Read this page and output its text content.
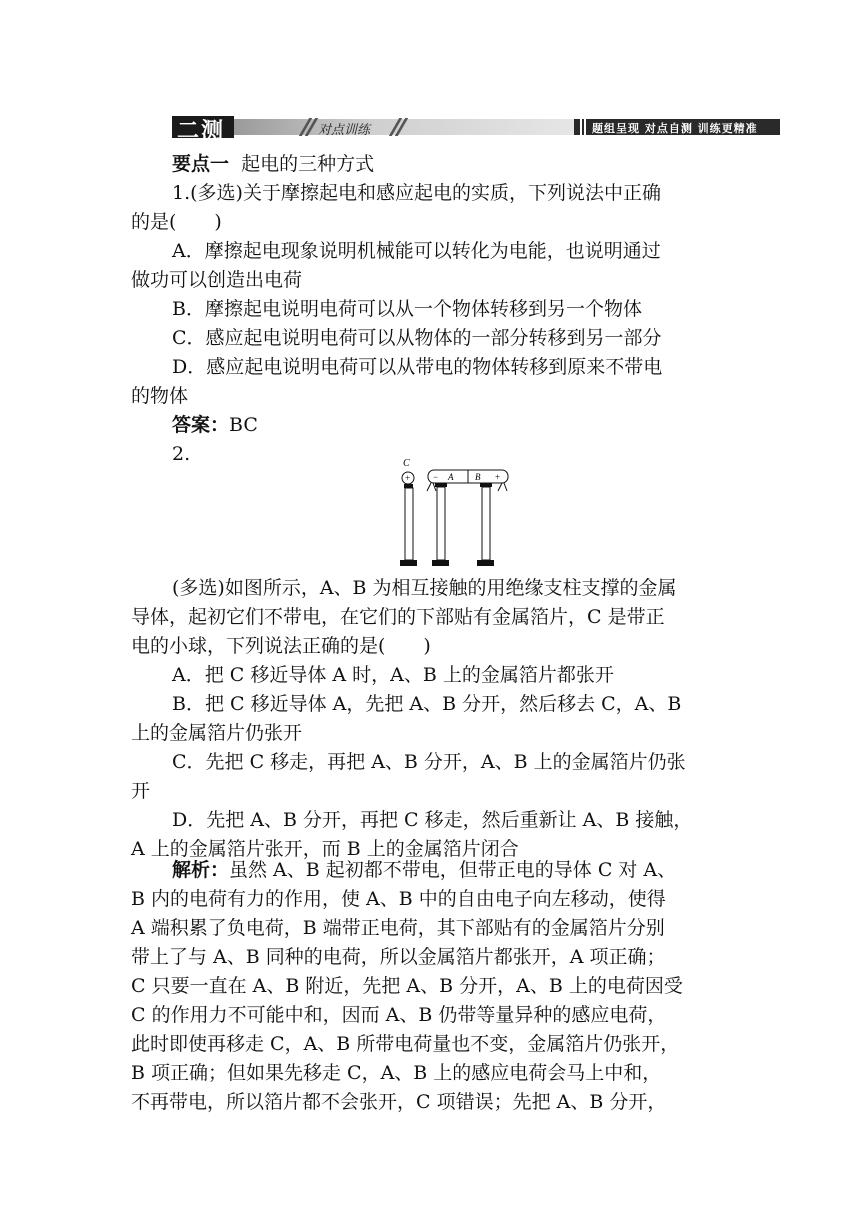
二测	对点训练	题组呈现 对点自测 训练更精准
要点一 起电的三种方式
1.(多选)关于摩擦起电和感应起电的实质，下列说法中正确
的是(　　)
A．摩擦起电现象说明机械能可以转化为电能，也说明通过
做功可以创造出电荷
B．摩擦起电说明电荷可以从一个物体转移到另一个物体
C．感应起电说明电荷可以从物体的一部分转移到另一部分
D．感应起电说明电荷可以从带电的物体转移到原来不带电
的物体
答案：BC
2.	C
+	− A B +
(多选)如图所示，A、B 为相互接触的用绝缘支柱支撑的金属
导体，起初它们不带电，在它们的下部贴有金属箔片，C 是带正
电的小球，下列说法正确的是(　　)
A．把 C 移近导体 A 时，A、B 上的金属箔片都张开
B．把 C 移近导体 A，先把 A、B 分开，然后移去 C，A、B
上的金属箔片仍张开
C．先把 C 移走，再把 A、B 分开，A、B 上的金属箔片仍张
开
D．先把 A、B 分开，再把 C 移走，然后重新让 A、B 接触，
A 上的金属箔片张开，而 B 上的金属箔片闭合
解析：虽然 A、B 起初都不带电，但带正电的导体 C 对 A、
B 内的电荷有力的作用，使 A、B 中的自由电子向左移动，使得
A 端积累了负电荷，B 端带正电荷，其下部贴有的金属箔片分别
带上了与 A、B 同种的电荷，所以金属箔片都张开，A 项正确；
C 只要一直在 A、B 附近，先把 A、B 分开，A、B 上的电荷因受
C 的作用力不可能中和，因而 A、B 仍带等量异种的感应电荷，
此时即使再移走 C，A、B 所带电荷量也不变，金属箔片仍张开，
B 项正确；但如果先移走 C，A、B 上的感应电荷会马上中和，
不再带电，所以箔片都不会张开，C 项错误；先把 A、B 分开，
